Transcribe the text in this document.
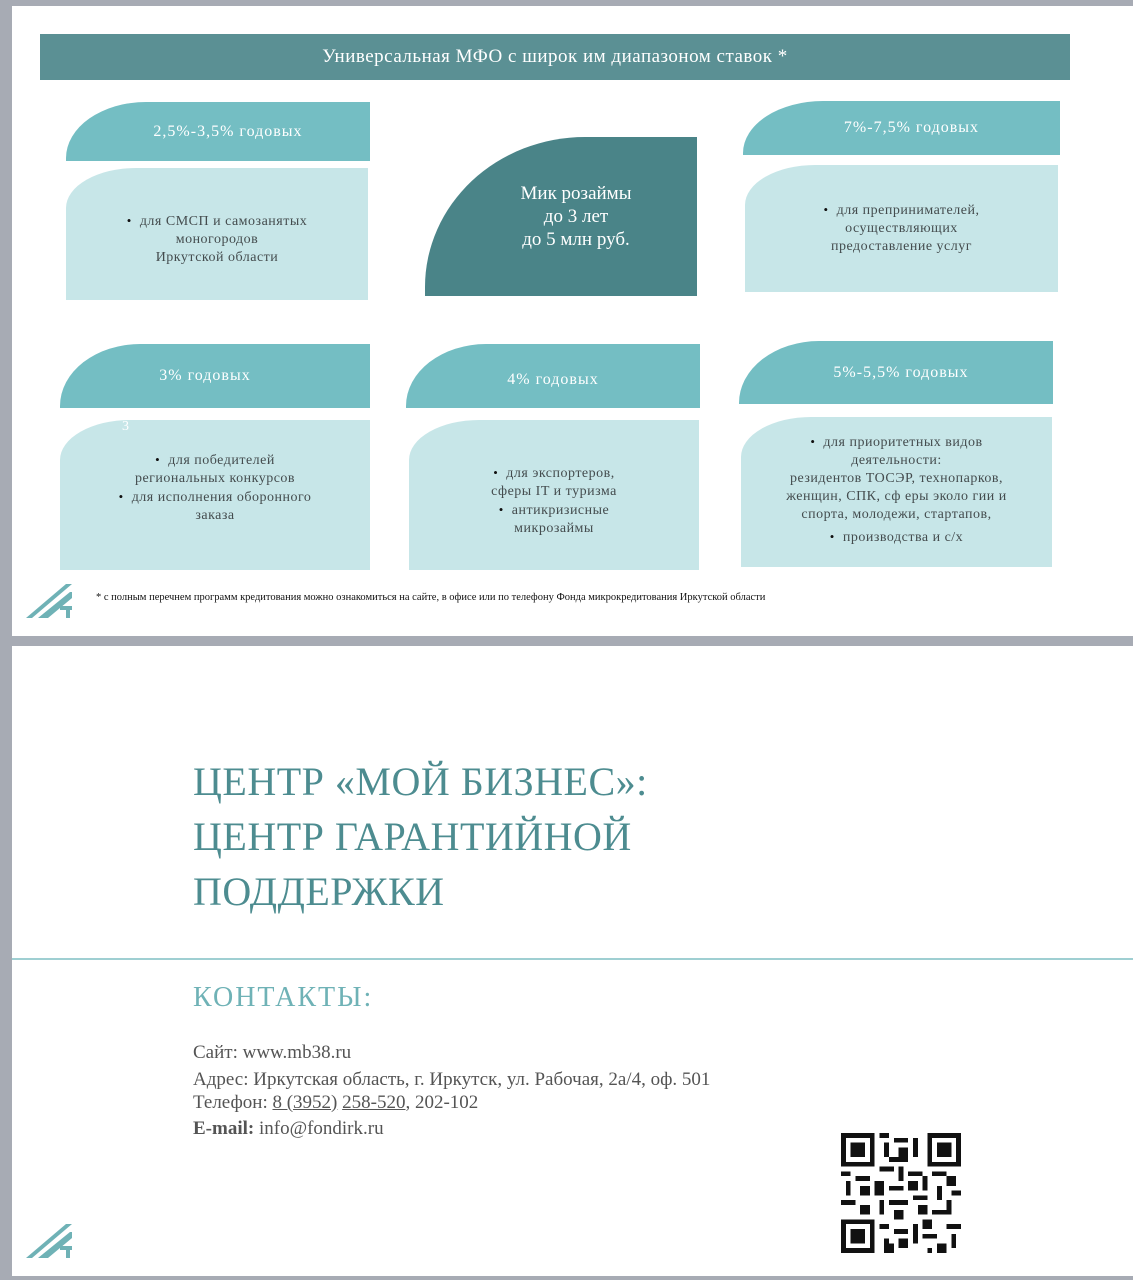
Универсальная МФО с широк им диапазоном ставок *
2,5%-3,5% годовых
• для СМСП и самозанятых
моногородов
Иркутской области
Мик розаймы
до 3 лет
до 5 млн руб.
7%-7,5% годовых
• для препринимателей,
осуществляющих
предоставление услуг
3% годовых
3
• для победителей
региональных конкурсов
• для исполнения оборонного
заказа
4% годовых
• для экспортеров,
сферы IT и туризма
• антикризисные
микрозаймы
5%-5,5% годовых
• для приоритетных видов
деятельности:
резидентов ТОСЭР, технопарков,
женщин, СПК, сф еры эколо гии и
спорта, молодежи, стартапов,
• производства и с/х
* с полным перечнем программ кредитования можно ознакомиться на сайте, в офисе или по телефону Фонда микрокредитования Иркутской области
ЦЕНТР «МОЙ БИЗНЕС»:
ЦЕНТР ГАРАНТИЙНОЙ
ПОДДЕРЖКИ
КОНТАКТЫ:
Сайт: www.mb38.ru
Адрес: Иркутская область, г. Иркутск, ул. Рабочая, 2а/4, оф. 501
Телефон: 8 (3952) 258-520, 202-102
E-mail: info@fondirk.ru
